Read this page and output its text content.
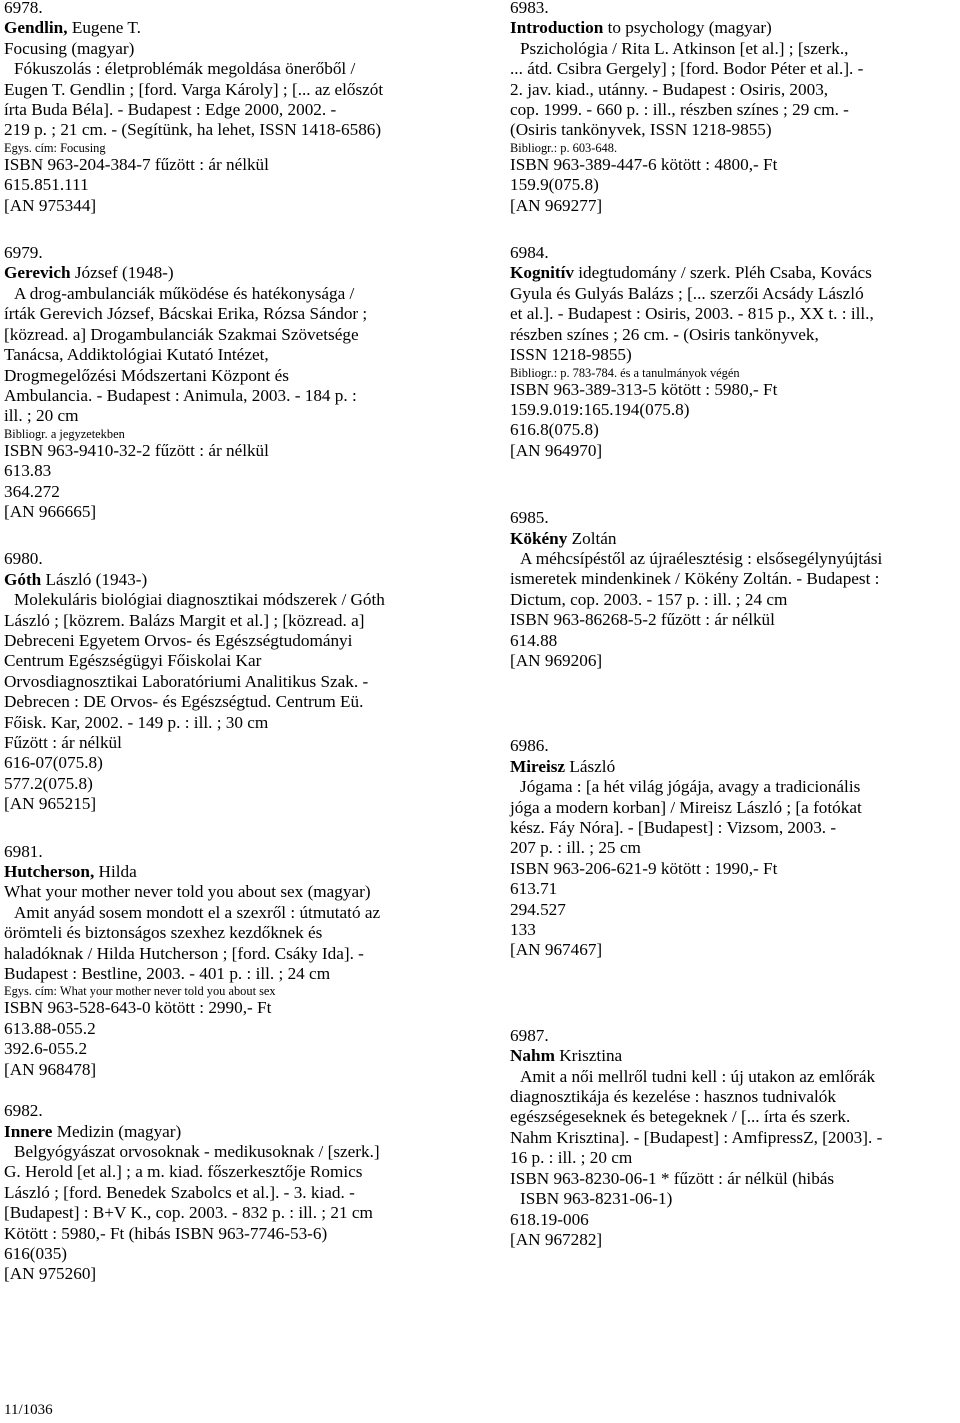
6978.
Gendlin, Eugene T.
Focusing (magyar)
Fókuszolás : életproblémák megoldása önerőből /
Eugen T. Gendlin ; [ford. Varga Károly] ; [... az előszót
írta Buda Béla]. - Budapest : Edge 2000, 2002. -
219 p. ; 21 cm. - (Segítünk, ha lehet, ISSN 1418-6586)
Egys. cím: Focusing
ISBN 963-204-384-7 fűzött : ár nélkül
615.851.111
[AN 975344]
6979.
Gerevich József (1948-)
A drog-ambulanciák működése és hatékonysága /
írták Gerevich József, Bácskai Erika, Rózsa Sándor ;
[közread. a] Drogambulanciák Szakmai Szövetsége
Tanácsa, Addiktológiai Kutató Intézet,
Drogmegelőzési Módszertani Központ és
Ambulancia. - Budapest : Animula, 2003. - 184 p. :
ill. ; 20 cm
Bibliogr. a jegyzetekben
ISBN 963-9410-32-2 fűzött : ár nélkül
613.83
364.272
[AN 966665]
6980.
Góth László (1943-)
Molekuláris biológiai diagnosztikai módszerek / Góth
László ; [közrem. Balázs Margit et al.] ; [közread. a]
Debreceni Egyetem Orvos- és Egészségtudományi
Centrum Egészségügyi Főiskolai Kar
Orvosdiagnosztikai Laboratóriumi Analitikus Szak. -
Debrecen : DE Orvos- és Egészségtud. Centrum Eü.
Főisk. Kar, 2002. - 149 p. : ill. ; 30 cm
Fűzött : ár nélkül
616-07(075.8)
577.2(075.8)
[AN 965215]
6981.
Hutcherson, Hilda
What your mother never told you about sex (magyar)
Amit anyád sosem mondott el a szexről : útmutató az
örömteli és biztonságos szexhez kezdőknek és
haladóknak / Hilda Hutcherson ; [ford. Csáky Ida]. -
Budapest : Bestline, 2003. - 401 p. : ill. ; 24 cm
Egys. cím: What your mother never told you about sex
ISBN 963-528-643-0 kötött : 2990,- Ft
613.88-055.2
392.6-055.2
[AN 968478]
6982.
Innere Medizin (magyar)
Belgyógyászat orvosoknak - medikusoknak / [szerk.]
G. Herold [et al.] ; a m. kiad. főszerkesztője Romics
László ; [ford. Benedek Szabolcs et al.]. - 3. kiad. -
[Budapest] : B+V K., cop. 2003. - 832 p. : ill. ; 21 cm
Kötött : 5980,- Ft (hibás ISBN 963-7746-53-6)
616(035)
[AN 975260]
6983.
Introduction to psychology (magyar)
Pszichológia / Rita L. Atkinson [et al.] ; [szerk.,
... átd. Csibra Gergely] ; [ford. Bodor Péter et al.]. -
2. jav. kiad., utánny. - Budapest : Osiris, 2003,
cop. 1999. - 660 p. : ill., részben színes ; 29 cm. -
(Osiris tankönyvek, ISSN 1218-9855)
Bibliogr.: p. 603-648.
ISBN 963-389-447-6 kötött : 4800,- Ft
159.9(075.8)
[AN 969277]
6984.
Kognitív idegtudomány / szerk. Pléh Csaba, Kovács
Gyula és Gulyás Balázs ; [... szerzői Acsády László
et al.]. - Budapest : Osiris, 2003. - 815 p., XX t. : ill.,
részben színes ; 26 cm. - (Osiris tankönyvek,
ISSN 1218-9855)
Bibliogr.: p. 783-784. és a tanulmányok végén
ISBN 963-389-313-5 kötött : 5980,- Ft
159.9.019:165.194(075.8)
616.8(075.8)
[AN 964970]
6985.
Kökény Zoltán
A méhcsípéstől az újraélesztésig : elsősegélynyújtási
ismeretek mindenkinek / Kökény Zoltán. - Budapest :
Dictum, cop. 2003. - 157 p. : ill. ; 24 cm
ISBN 963-86268-5-2 fűzött : ár nélkül
614.88
[AN 969206]
6986.
Mireisz László
Jógama : [a hét világ jógája, avagy a tradicionális
jóga a modern korban] / Mireisz László ; [a fotókat
kész. Fáy Nóra]. - [Budapest] : Vizsom, 2003. -
207 p. : ill. ; 25 cm
ISBN 963-206-621-9 kötött : 1990,- Ft
613.71
294.527
133
[AN 967467]
6987.
Nahm Krisztina
Amit a női mellről tudni kell : új utakon az emlőrák
diagnosztikája és kezelése : hasznos tudnivalók
egészségeseknek és betegeknek / [... írta és szerk.
Nahm Krisztina]. - [Budapest] : AmfipressZ, [2003]. -
16 p. : ill. ; 20 cm
ISBN 963-8230-06-1 * fűzött : ár nélkül (hibás
ISBN 963-8231-06-1)
618.19-006
[AN 967282]
11/1036
